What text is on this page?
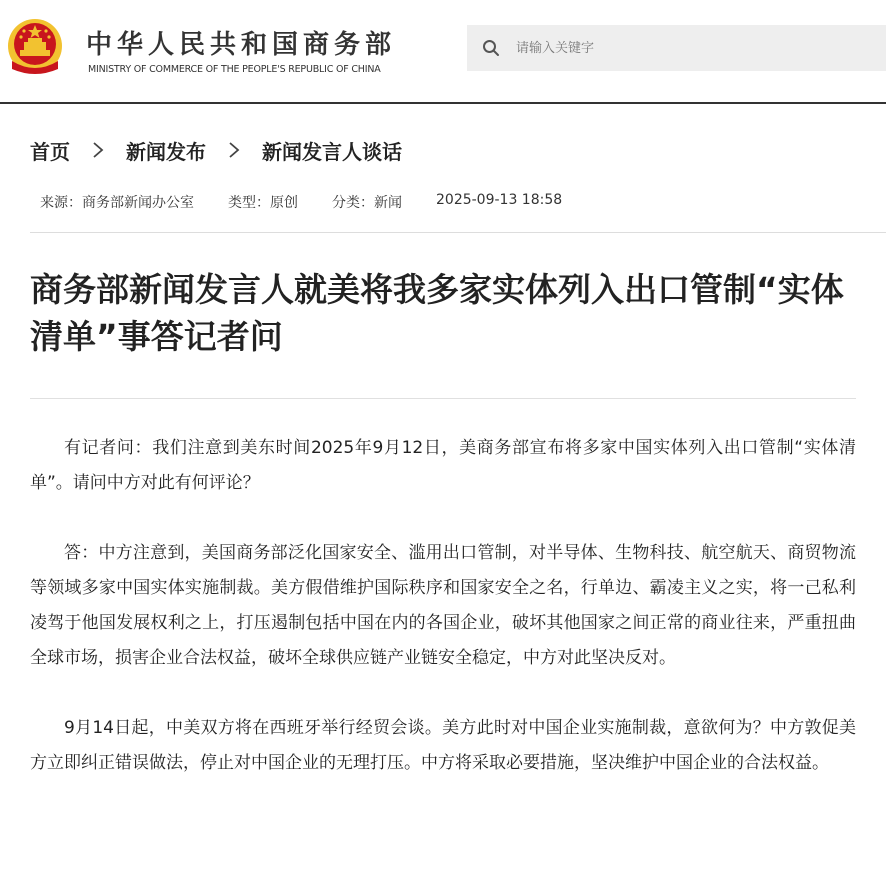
中华人民共和国商务部
MINISTRY OF COMMERCE OF THE PEOPLE'S REPUBLIC OF CHINA
请输入关键字
首页	新闻发布	新闻发言人谈话
来源：商务部新闻办公室 类型：原创 分类：新闻 2025-09-13 18:58
商务部新闻发言人就美将我多家实体列入出口管制“实体清单”事答记者问

有记者问：我们注意到美东时间2025年9月12日，美商务部宣布将多家中国实体列入出口管制“实体清单”。请问中方对此有何评论？

答：中方注意到，美国商务部泛化国家安全、滥用出口管制，对半导体、生物科技、航空航天、商贸物流等领域多家中国实体实施制裁。美方假借维护国际秩序和国家安全之名，行单边、霸凌主义之实，将一己私利凌驾于他国发展权利之上，打压遏制包括中国在内的各国企业，破坏其他国家之间正常的商业往来，严重扭曲全球市场，损害企业合法权益，破坏全球供应链产业链安全稳定，中方对此坚决反对。

9月14日起，中美双方将在西班牙举行经贸会谈。美方此时对中国企业实施制裁，意欲何为？中方敦促美方立即纠正错误做法，停止对中国企业的无理打压。中方将采取必要措施，坚决维护中国企业的合法权益。
